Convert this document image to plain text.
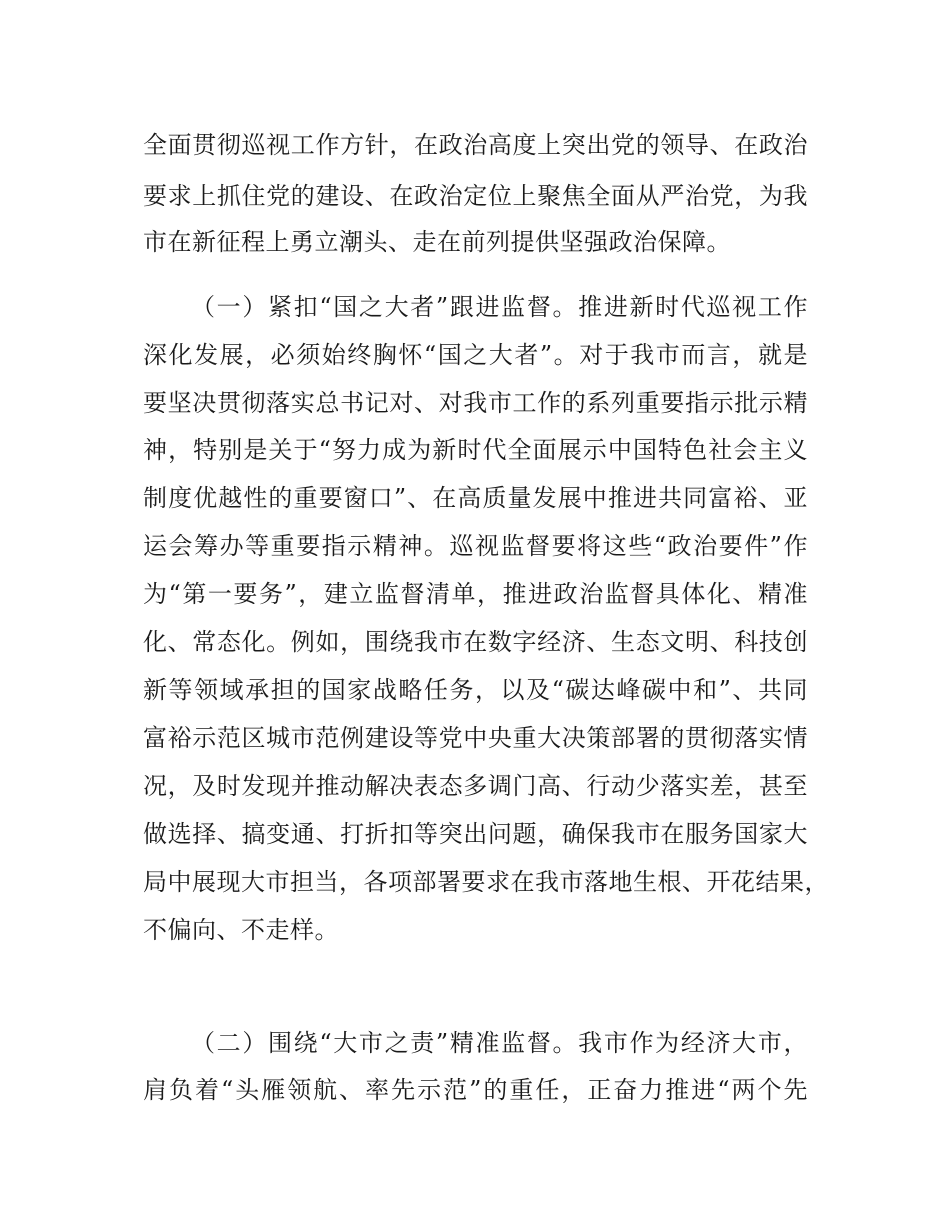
全面贯彻巡视工作方针，在政治高度上突出党的领导、在政治
要求上抓住党的建设、在政治定位上聚焦全面从严治党，为我
市在新征程上勇立潮头、走在前列提供坚强政治保障。
（一）紧扣“国之大者”跟进监督。推进新时代巡视工作
深化发展，必须始终胸怀“国之大者”。对于我市而言，就是
要坚决贯彻落实总书记对、对我市工作的系列重要指示批示精
神，特别是关于“努力成为新时代全面展示中国特色社会主义
制度优越性的重要窗口”、在高质量发展中推进共同富裕、亚
运会筹办等重要指示精神。巡视监督要将这些“政治要件”作
为“第一要务”，建立监督清单，推进政治监督具体化、精准
化、常态化。例如，围绕我市在数字经济、生态文明、科技创
新等领域承担的国家战略任务，以及“碳达峰碳中和”、共同
富裕示范区城市范例建设等党中央重大决策部署的贯彻落实情
况，及时发现并推动解决表态多调门高、行动少落实差，甚至
做选择、搞变通、打折扣等突出问题，确保我市在服务国家大
局中展现大市担当，各项部署要求在我市落地生根、开花结果，
不偏向、不走样。
（二）围绕“大市之责”精准监督。我市作为经济大市，
肩负着“头雁领航、率先示范”的重任，正奋力推进“两个先
